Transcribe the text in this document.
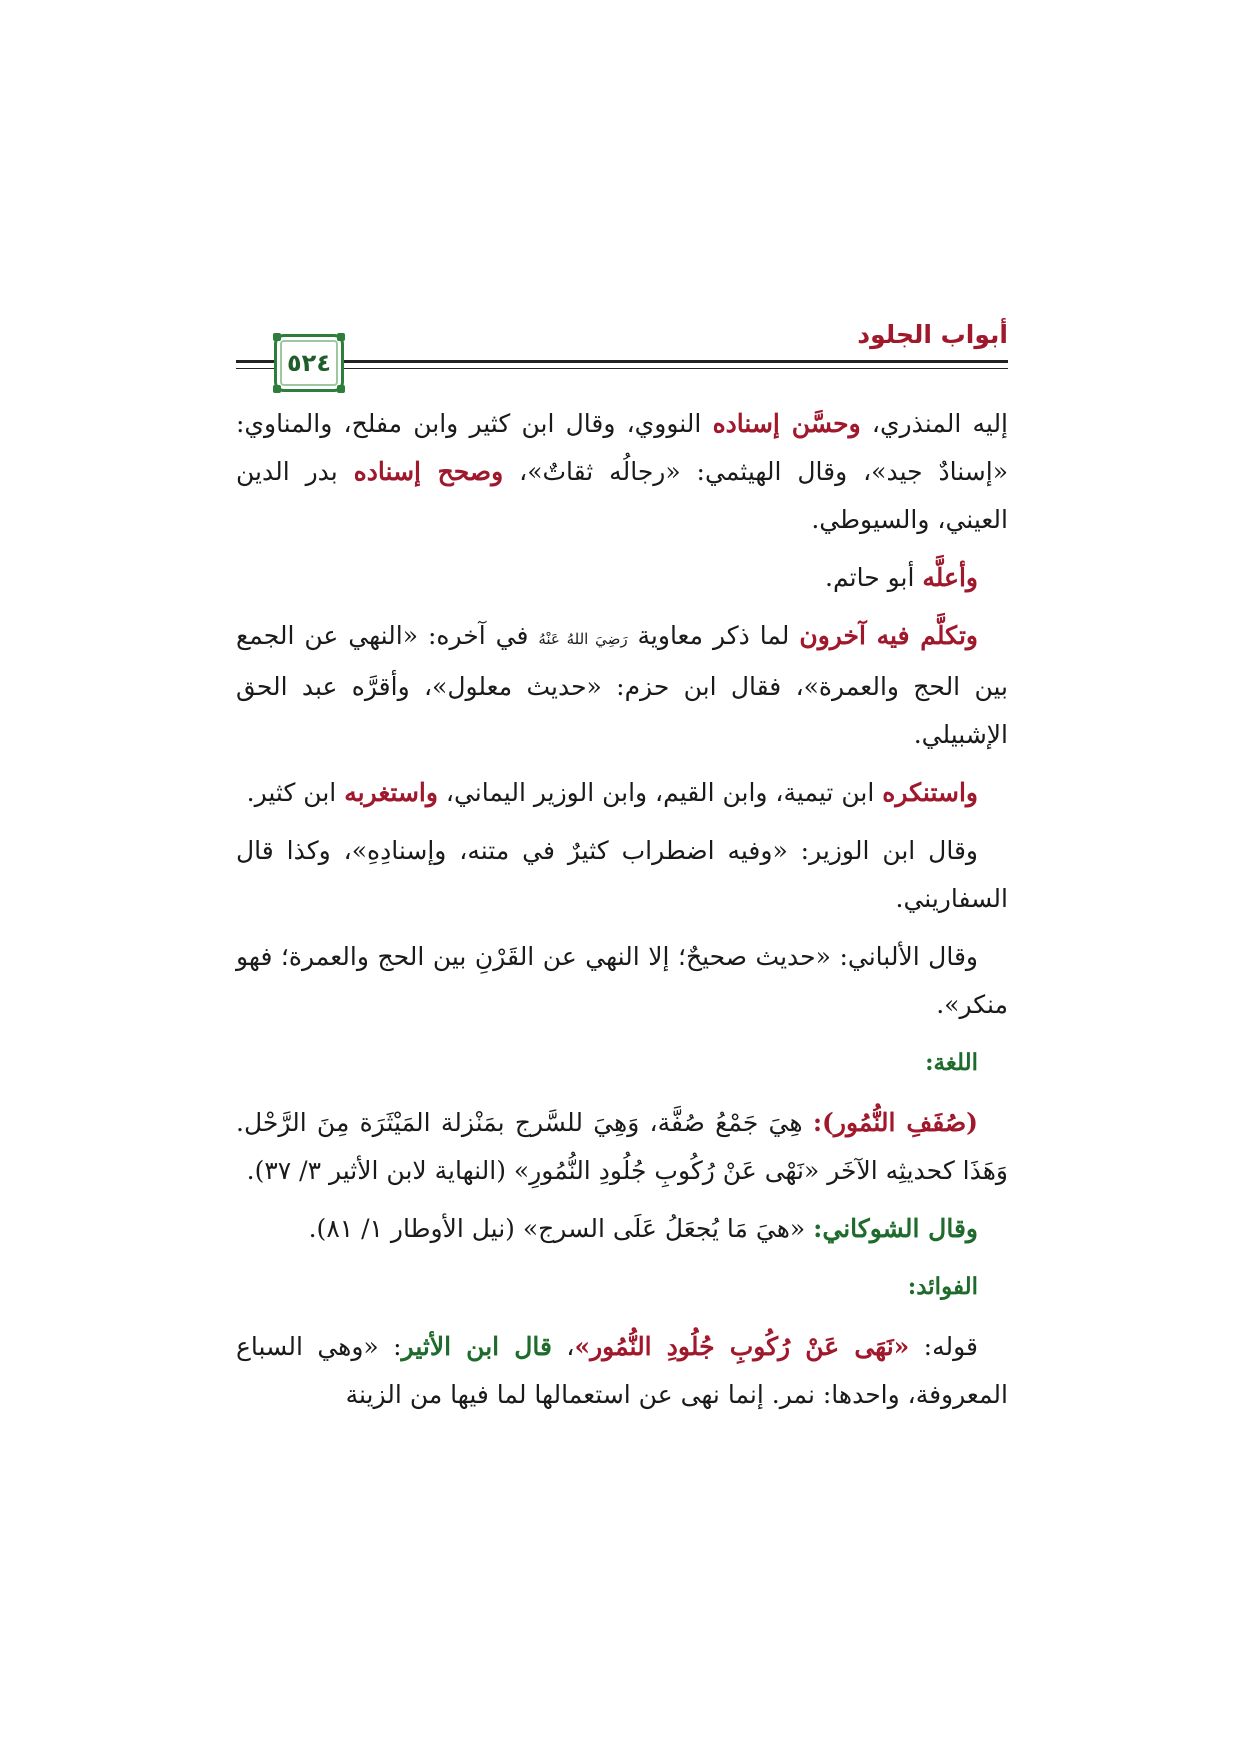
أبواب الجلود
٥٢٤

إليه المنذري، وحسَّن إسناده النووي، وقال ابن كثير وابن مفلح، والمناوي: «إسنادٌ جيد»، وقال الهيثمي: «رجالُه ثقاتٌ»، وصحح إسناده بدر الدين العيني، والسيوطي.

وأعلَّه أبو حاتم.

وتكلَّم فيه آخرون لما ذكر معاوية رَضِيَ اللهُ عَنْهُ في آخره: «النهي عن الجمع بين الحج والعمرة»، فقال ابن حزم: «حديث معلول»، وأقرَّه عبد الحق الإشبيلي.

واستنكره ابن تيمية، وابن القيم، وابن الوزير اليماني، واستغربه ابن كثير.

وقال ابن الوزير: «وفيه اضطراب كثيرٌ في متنه، وإسنادِهِ»، وكذا قال السفاريني.

وقال الألباني: «حديث صحيحٌ؛ إلا النهي عن القَرْنِ بين الحج والعمرة؛ فهو منكر».

اللغة:

(صُفَفِ النُّمُور): هِيَ جَمْعُ صُفَّة، وَهِيَ للسَّرج بمَنْزلة المَيْثَرَة مِنَ الرَّحْل. وَهَذَا كحديثِه الآخَر «نَهْى عَنْ رُكُوبِ جُلُودِ النُّمُورِ» (النهاية لابن الأثير ٣/ ٣٧).

وقال الشوكاني: «هيَ مَا يُجعَلُ عَلَى السرج» (نيل الأوطار ١/ ٨١).

الفوائد:

قوله: «نَهَى عَنْ رُكُوبِ جُلُودِ النُّمُور»، قال ابن الأثير: «وهي السباع المعروفة، واحدها: نمر. إنما نهى عن استعمالها لما فيها من الزينة
